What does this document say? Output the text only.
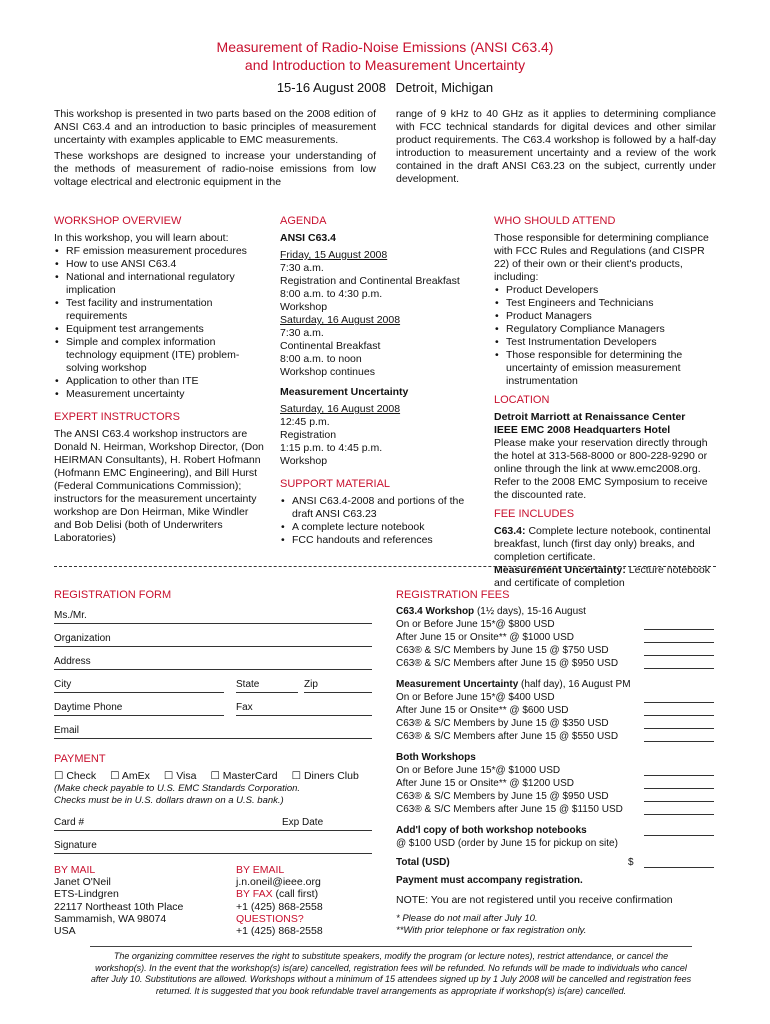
Measurement of Radio-Noise Emissions (ANSI C63.4)
and Introduction to Measurement Uncertainty
15-16 August 2008 Detroit, Michigan

This workshop is presented in two parts based on the 2008 edition of ANSI C63.4 and an introduction to basic principles of measurement uncertainty with examples applicable to EMC measurements.

These workshops are designed to increase your understanding of the methods of measurement of radio-noise emissions from low voltage electrical and electronic equipment in the

range of 9 kHz to 40 GHz as it applies to determining compliance with FCC technical standards for digital devices and other similar product requirements. The C63.4 workshop is followed by a half-day introduction to measurement uncertainty and a review of the work contained in the draft ANSI C63.23 on the subject, currently under development.

WORKSHOP OVERVIEW
In this workshop, you will learn about:
• RF emission measurement procedures
• How to use ANSI C63.4
• National and international regulatory implication
• Test facility and instrumentation requirements
• Equipment test arrangements
• Simple and complex information technology equipment (ITE) problem-solving workshop
• Application to other than ITE
• Measurement uncertainty
EXPERT INSTRUCTORS
The ANSI C63.4 workshop instructors are Donald N. Heirman, Workshop Director, (Don HEIRMAN Consultants), H. Robert Hofmann (Hofmann EMC Engineering), and Bill Hurst (Federal Communications Commission); instructors for the measurement uncertainty workshop are Don Heirman, Mike Windler and Bob Delisi (both of Underwriters Laboratories)
AGENDA
ANSI C63.4
Friday, 15 August 2008
7:30 a.m.
Registration and Continental Breakfast
8:00 a.m. to 4:30 p.m.
Workshop
Saturday, 16 August 2008
7:30 a.m.
Continental Breakfast
8:00 a.m. to noon
Workshop continues
Measurement Uncertainty
Saturday, 16 August 2008
12:45 p.m.
Registration
1:15 p.m. to 4:45 p.m.
Workshop
SUPPORT MATERIAL
• ANSI C63.4-2008 and portions of the draft ANSI C63.23
• A complete lecture notebook
• FCC handouts and references
WHO SHOULD ATTEND
Those responsible for determining compliance with FCC Rules and Regulations (and CISPR 22) of their own or their client's products, including:
• Product Developers
• Test Engineers and Technicians
• Product Managers
• Regulatory Compliance Managers
• Test Instrumentation Developers
• Those responsible for determining the uncertainty of emission measurement instrumentation
LOCATION
Detroit Marriott at Renaissance Center
IEEE EMC 2008 Headquarters Hotel
Please make your reservation directly through the hotel at 313-568-8000 or 800-228-9290 or online through the link at www.emc2008.org. Refer to the 2008 EMC Symposium to receive the discounted rate.
FEE INCLUDES
C63.4: Complete lecture notebook, continental breakfast, lunch (first day only) breaks, and completion certificate.
Measurement Uncertainty: Lecture notebook and certificate of completion
REGISTRATION FORM
Ms./Mr.
Organization
Address
City	State	Zip
Daytime Phone	Fax
Email
PAYMENT
☐ Check ☐ AmEx ☐ Visa ☐ MasterCard ☐ Diners Club
(Make check payable to U.S. EMC Standards Corporation.
Checks must be in U.S. dollars drawn on a U.S. bank.)
Card #	Exp Date
Signature
BY MAIL
Janet O'Neil
ETS-Lindgren
22117 Northeast 10th Place
Sammamish, WA 98074
USA
BY EMAIL
j.n.oneil@ieee.org
BY FAX (call first)
+1 (425) 868-2558
QUESTIONS?
+1 (425) 868-2558
REGISTRATION FEES
C63.4 Workshop (1½ days), 15-16 August
On or Before June 15*@ $800 USD
After June 15 or Onsite** @ $1000 USD
C63® & S/C Members by June 15 @ $750 USD
C63® & S/C Members after June 15 @ $950 USD
Measurement Uncertainty (half day), 16 August PM
On or Before June 15*@ $400 USD
After June 15 or Onsite** @ $600 USD
C63® & S/C Members by June 15 @ $350 USD
C63® & S/C Members after June 15 @ $550 USD
Both Workshops
On or Before June 15*@ $1000 USD
After June 15 or Onsite** @ $1200 USD
C63® & S/C Members by June 15 @ $950 USD
C63® & S/C Members after June 15 @ $1150 USD
Add'l copy of both workshop notebooks
@ $100 USD (order by June 15 for pickup on site)
Total (USD)	$
Payment must accompany registration.
NOTE: You are not registered until you receive confirmation
* Please do not mail after July 10.
**With prior telephone or fax registration only.
The organizing committee reserves the right to substitute speakers, modify the program (or lecture notes), restrict attendance, or cancel the workshop(s). In the event that the workshop(s) is(are) cancelled, registration fees will be refunded. No refunds will be made to individuals who cancel after July 10. Substitutions are allowed. Workshops without a minimum of 15 attendees signed up by 1 July 2008 will be cancelled and registration fees returned. It is suggested that you book refundable travel arrangements as appropriate if workshop(s) is(are) cancelled.
